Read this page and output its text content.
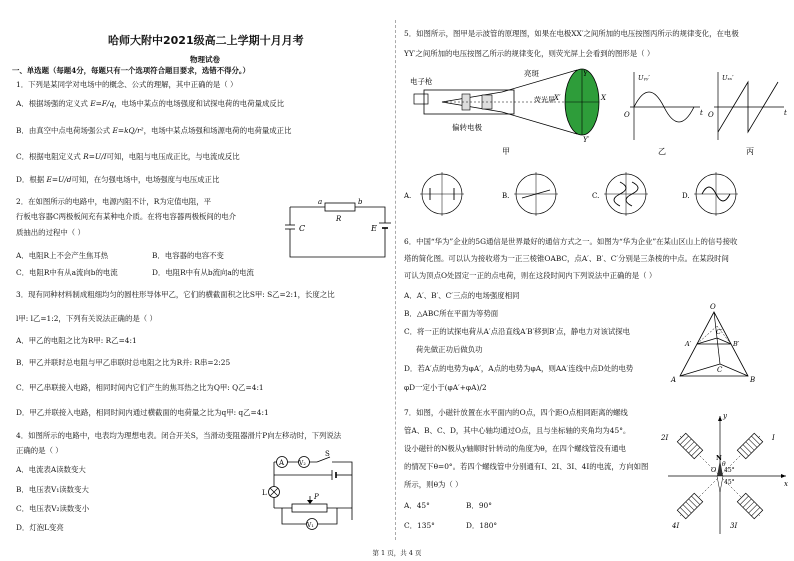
哈师大附中2021级高二上学期十月月考
物理试卷
一、单选题（每题4分，每题只有一个选项符合题目要求，选错不得分。）
1．下列是某同学对电场中的概念、公式的理解，其中正确的是（ ）
A．根据场强的定义式 E=F/q，电场中某点的电场强度和试探电荷的电荷量成反比
B．由真空中点电荷场强公式 E=kQ/r²，电场中某点场强和场源电荷的电荷量成正比
C．根据电阻定义式 R=U/I可知，电阻与电压成正比，与电流成反比
D．根据 E=U/d可知，在匀强电场中，电场强度与电压成正比
2．在如图所示的电路中，电源内阻不计，R为定值电阻，平
行板电容器C两极板间充有某种电介质。在将电容器两极板间的电介
质抽出的过程中（ ）
A．电阻R上不会产生焦耳热	B．电容器的电容不变
C．电阻R中有从a流向b的电流	D．电阻R中有从b流向a的电流
a
R
b
C	E
3．现有同种材料制成粗细均匀的圆柱形导体甲乙，它们的横截面积之比S甲: S乙=2:1，长度之比
l甲: l乙=1:2，下列有关说法正确的是（ ）
A．甲乙的电阻之比为R甲: R乙=4:1
B．甲乙并联时总电阻与甲乙串联时总电阻之比为R并: R串=2:25
C．甲乙串联接入电路，相同时间内它们产生的焦耳热之比为Q甲: Q乙=4:1
D．甲乙并联接入电路，相同时间内通过横截面的电荷量之比为q甲: q乙=4:1
4．如图所示的电路中，电表均为理想电表。闭合开关S，当滑动变阻器滑片P向左移动时，下列说法
正确的是（ ）
A．电流表A读数变大
B．电压表V₁读数变大
C．电压表V₂读数变小
D．灯泡L变亮
A V₂
S
L	P
V₁
5．如图所示，图甲是示波管的原理图，如果在电极XX′之间所加的电压按图丙所示的规律变化，在电极
YY′之间所加的电压按图乙所示的规律变化，则荧光屏上会看到的图形是（ ）
电子枪
偏转电极
亮斑
荧光屏
Y
Y′
X
X′
甲
Uᵧᵧ′
O	t
乙
Uₓₓ′
O	t
丙
A.	B.	C.	D.
6．中国“华为”企业的5G通信是世界最好的通信方式之一。如图为“华为企业”在某山区山上的信号接收
塔的简化图。可以认为接收塔为一正三棱锥OABC，点A′、B′、C′分别是三条棱的中点。在某段时间
可认为顶点O处固定一正的点电荷，则在这段时间内下列说法中正确的是（ ）
A．A′、B′、C′三点的电场强度相同
B．△ABC所在平面为等势面
C．将一正的试探电荷从A′点沿直线A′B′移到B′点，静电力对该试探电
荷先做正功后做负功
D．若A′点的电势为φA′，A点的电势为φA，则AA′连线中点D处的电势
φD一定小于(φA′+φA)/2
O
A	B
C
A′	B′
C′
7．如图，小磁针放置在水平面内的O点，四个距O点相同距离的螺线
管A、B、C、D，其中心轴均通过O点，且与坐标轴的夹角均为45°。
设小磁针的N极从y轴顺时针转动的角度为θ，在四个螺线管没有通电
的情况下θ=0°。若四个螺线管中分别通有I、2I、3I、4I的电流，方向如图
所示，则θ为（ ）
A．45°	B．90°
C．135°	D．180°
y
x
O
N
θ
45°
45°
2I	I
4I	3I
第 1 页，共 4 页
